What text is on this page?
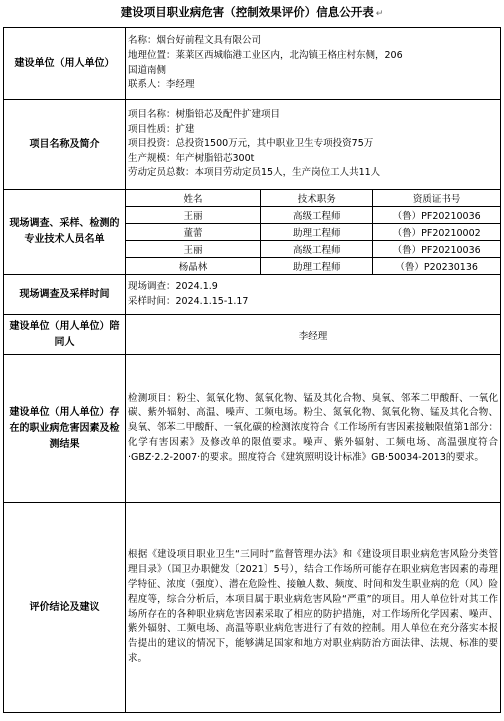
建设项目职业病危害（控制效果评价）信息公开表 ↵
建设单位（用人单位）	
名称：烟台好前程文具有限公司
地理位置：莱莱区西城临港工业区内，北沟镇王格庄村东侧，206
国道南侧
联系人：李经理

项目名称及简介	
项目名称：树脂铅芯及配件扩建项目
项目性质：扩建
项目投资：总投资1500万元，其中职业卫生专项投资75万
生产规模：年产树脂铅芯300t
劳动定员总数：本项目劳动定员15人，生产岗位工人共11人

现场调查、采样、检测的专业技术人员名单	
姓名	技术职务	资质证书号
王丽	高级工程师	（鲁）PF20210036
董蕾	助理工程师	（鲁）PF20210002
王丽	高级工程师	（鲁）PF20210036
杨晶林	助理工程师	（鲁）P20230136

现场调查及采样时间	
现场调查：2024.1.9
采样时间：2024.1.15-1.17

建设单位（用人单位）陪同人	李经理
建设单位（用人单位）存在的职业病危害因素及检测结果	检测项目：粉尘、氮氧化物、氮氧化物、锰及其化合物、臭氧、邻苯二甲酸酐、一氧化碳、紫外辐射、高温、噪声、工频电场。粉尘、氮氧化物、氮氧化物、锰及其化合物、臭氧、邻苯二甲酸酐、一氧化碳的检测浓度符合《工作场所有害因素接触限值第1部分：化学有害因素》及修改单的限值要求。噪声、紫外辐射、工频电场、高温强度符合·GBZ·2.2-2007·的要求。照度符合《建筑照明设计标准》GB·50034-2013的要求。
评价结论及建议	根据《建设项目职业卫生“三同时”监督管理办法》和《建设项目职业病危害风险分类管理目录》（国卫办职健发〔2021〕5号），结合工作场所可能存在职业病危害因素的毒理学特征、浓度（强度）、潜在危险性、接触人数、频度、时间和发生职业病的危（风）险程度等，综合分析后，本项目属于职业病危害风险“严重”的项目。用人单位针对其工作场所存在的各种职业病危害因素采取了相应的防护措施，对工作场所化学因素、噪声、紫外辐射、工频电场、高温等职业病危害进行了有效的控制。用人单位在充分落实本报告提出的建议的情况下，能够满足国家和地方对职业病防治方面法律、法规、标准的要求。
